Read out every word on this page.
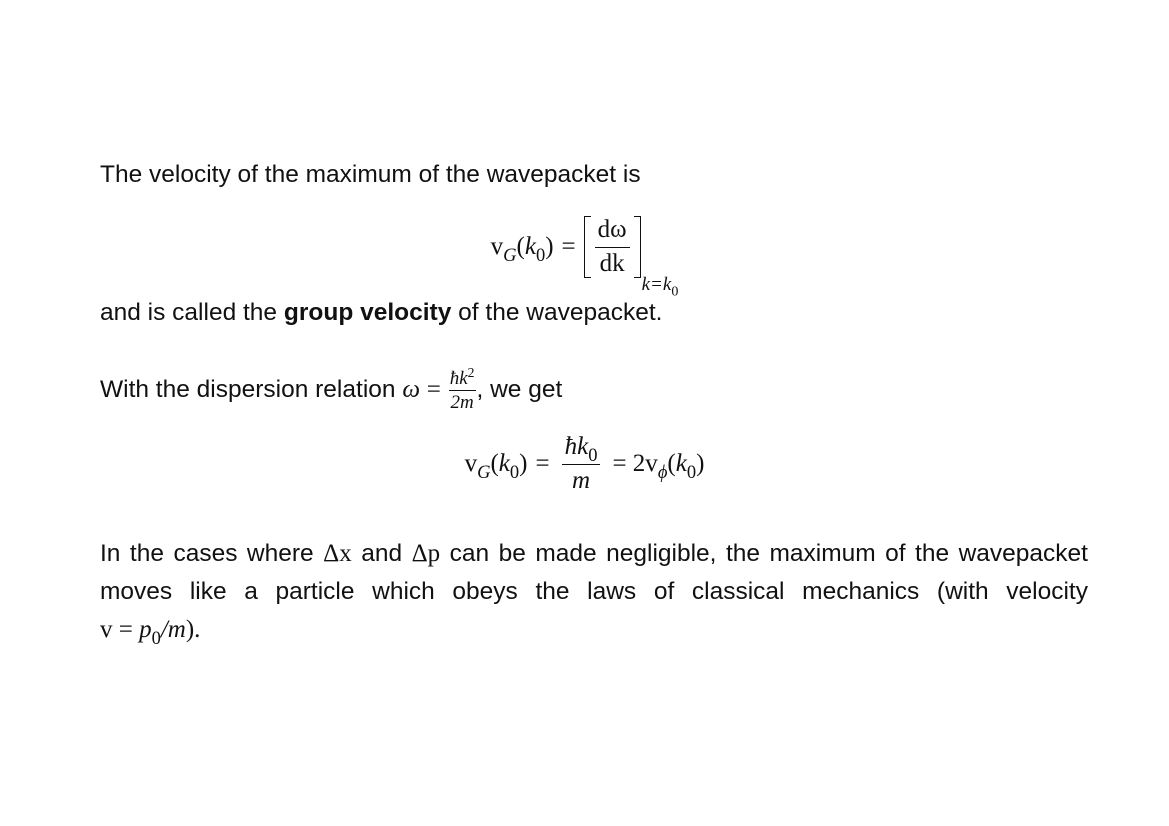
The velocity of the maximum of the wavepacket is
$v_G(k_0) = \frac{d\omega}{dk}$
$k=k_0$
and is called the group velocity of the wavepacket.
With the dispersion relation $\omega = \frac{ħk^2}{2m}$ , we get
$v_G(k_0) = \frac{ħk_0}{m} = 2v_\phi(k_0)$
In the cases where Δx and Δp can be made negligible, the maximum of the wavepacket
moves like a particle which obeys the laws of classical mechanics (with velocity
$v = p_0/m$).
